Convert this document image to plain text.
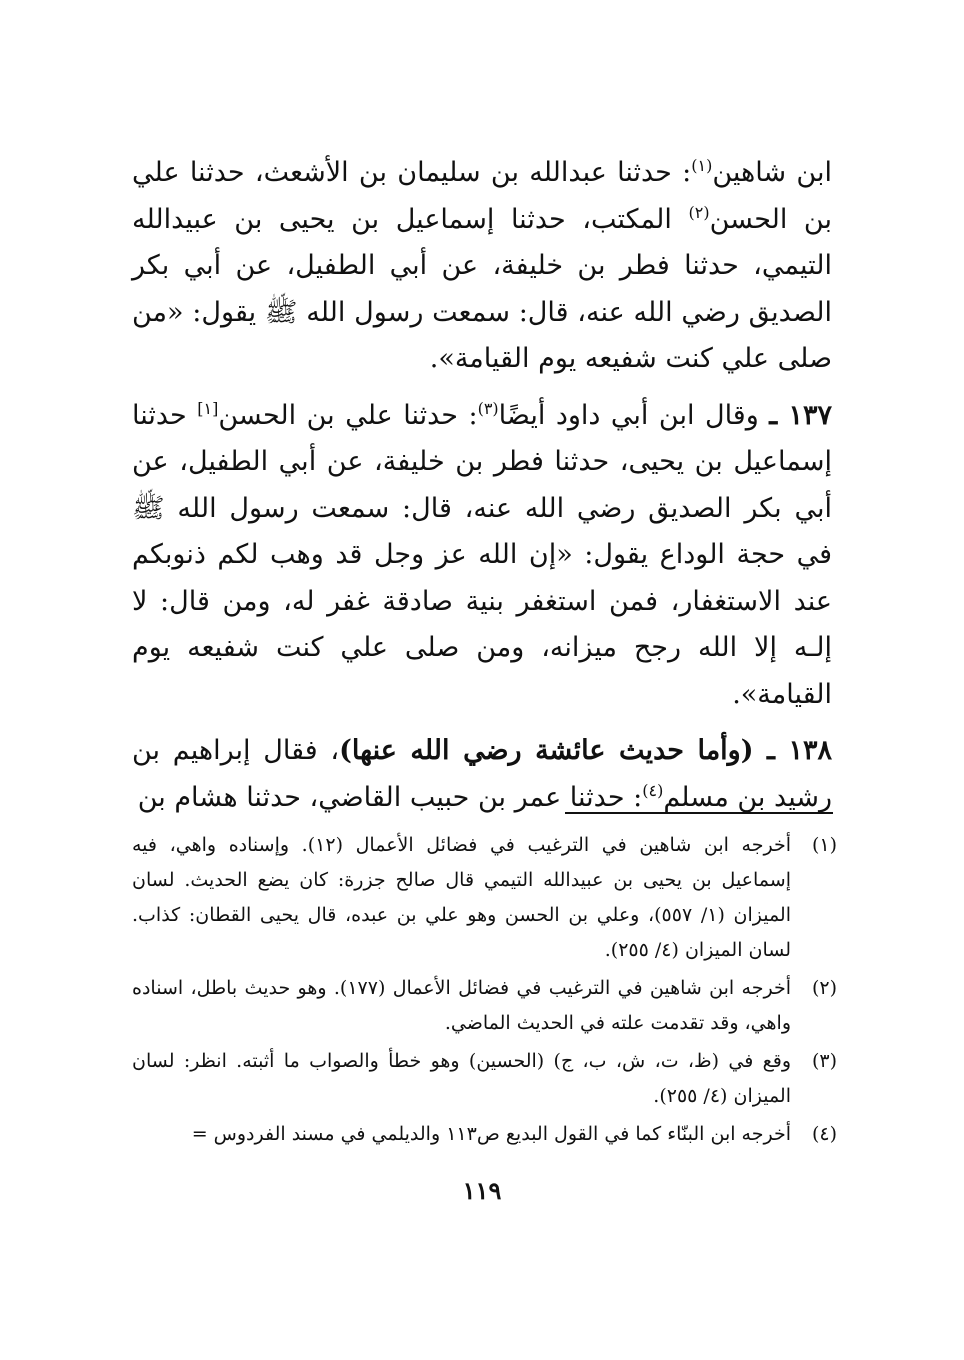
ابن شاهين$^{(١)}$: حدثنا عبدالله بن سليمان بن الأشعث، حدثنا علي بن الحسن$^{(٢)}$ المكتب، حدثنا إسماعيل بن يحيى بن عبيدالله التيمي، حدثنا فطر بن خليفة، عن أبي الطفيل، عن أبي بكر الصديق رضي الله عنه، قال: سمعت رسول الله ﷺ يقول: «من صلى علي كنت شفيعه يوم القيامة».

١٣٧ ـ وقال ابن أبي داود أيضًا$^{(٣)}$: حدثنا علي بن الحسن[١] حدثنا إسماعيل بن يحيى، حدثنا فطر بن خليفة، عن أبي الطفيل، عن أبي بكر الصديق رضي الله عنه، قال: سمعت رسول الله ﷺ في حجة الوداع يقول: «إن الله عز وجل قد وهب لكم ذنوبكم عند الاستغفار، فمن استغفر بنية صادقة غفر له، ومن قال: لا إلـه إلا الله رجح ميزانه، ومن صلى علي كنت شفيعه يوم القيامة».

١٣٨ ـ (وأما حديث عائشة رضي الله عنها)، فقال إبراهيم بن رشيد بن مسلم$^{(٤)}$: حدثنا عمر بن حبيب القاضي، حدثنا هشام بن

(١)
أخرجه ابن شاهين في الترغيب في فضائل الأعمال (١٢). وإسناده واهي، فيه إسماعيل بن يحيى بن عبيدالله التيمي قال صالح جزرة: كان يضع الحديث. لسان الميزان (١/ ٥٥٧)، وعلي بن الحسن وهو علي بن عبده، قال يحيى القطان: كذاب. لسان الميزان (٤/ ٢٥٥).
(٢)
أخرجه ابن شاهين في الترغيب في فضائل الأعمال (١٧٧). وهو حديث باطل، اسناده واهي، وقد تقدمت علته في الحديث الماضي.
(٣)
وقع في (ظ، ت، ش، ب، ج) (الحسين) وهو خطأ والصواب ما أثبته. انظر: لسان الميزان (٤/ ٢٥٥).
(٤)
أخرجه ابن البنّاء كما في القول البديع ص١١٣ والديلمي في مسند الفردوس =
١١٩
